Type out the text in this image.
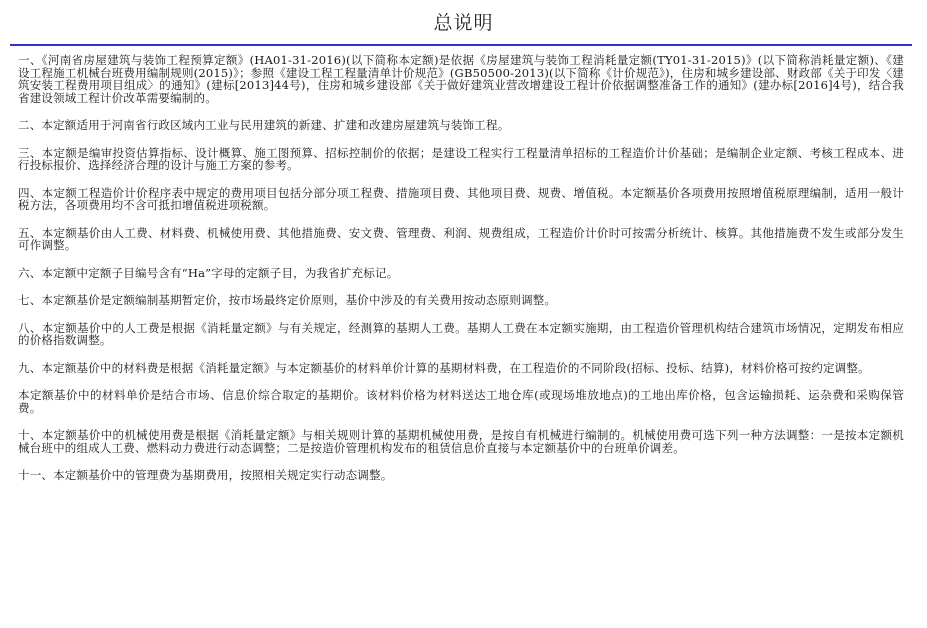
总说明

一、《河南省房屋建筑与装饰工程预算定额》(HA01-31-2016)(以下简称本定额)是依据《房屋建筑与装饰工程消耗量定额(TY01-31-2015)》(以下简称消耗量定额)、《建设工程施工机械台班费用编制规则(2015)》；参照《建设工程工程量清单计价规范》(GB50500-2013)(以下简称《计价规范》)，住房和城乡建设部、财政部《关于印发〈建筑安装工程费用项目组成〉的通知》(建标[2013]44号)，住房和城乡建设部《关于做好建筑业营改增建设工程计价依据调整准备工作的通知》(建办标[2016]4号)，结合我省建设领域工程计价改革需要编制的。

二、本定额适用于河南省行政区域内工业与民用建筑的新建、扩建和改建房屋建筑与装饰工程。

三、本定额是编审投资估算指标、设计概算、施工图预算、招标控制价的依据；是建设工程实行工程量清单招标的工程造价计价基础；是编制企业定额、考核工程成本、进行投标报价、选择经济合理的设计与施工方案的参考。

四、本定额工程造价计价程序表中规定的费用项目包括分部分项工程费、措施项目费、其他项目费、规费、增值税。本定额基价各项费用按照增值税原理编制，适用一般计税方法，各项费用均不含可抵扣增值税进项税额。

五、本定额基价由人工费、材料费、机械使用费、其他措施费、安文费、管理费、利润、规费组成，工程造价计价时可按需分析统计、核算。其他措施费不发生或部分发生可作调整。

六、本定额中定额子目编号含有“Ha”字母的定额子目，为我省扩充标记。

七、本定额基价是定额编制基期暂定价，按市场最终定价原则，基价中涉及的有关费用按动态原则调整。

八、本定额基价中的人工费是根据《消耗量定额》与有关规定，经测算的基期人工费。基期人工费在本定额实施期，由工程造价管理机构结合建筑市场情况，定期发布相应的价格指数调整。

九、本定额基价中的材料费是根据《消耗量定额》与本定额基价的材料单价计算的基期材料费，在工程造价的不同阶段(招标、投标、结算)，材料价格可按约定调整。

本定额基价中的材料单价是结合市场、信息价综合取定的基期价。该材料价格为材料送达工地仓库(或现场堆放地点)的工地出库价格，包含运输损耗、运杂费和采购保管费。

十、本定额基价中的机械使用费是根据《消耗量定额》与相关规则计算的基期机械使用费，是按自有机械进行编制的。机械使用费可选下列一种方法调整：一是按本定额机械台班中的组成人工费、燃料动力费进行动态调整；二是按造价管理机构发布的租赁信息价直接与本定额基价中的台班单价调差。

十一、本定额基价中的管理费为基期费用，按照相关规定实行动态调整。
